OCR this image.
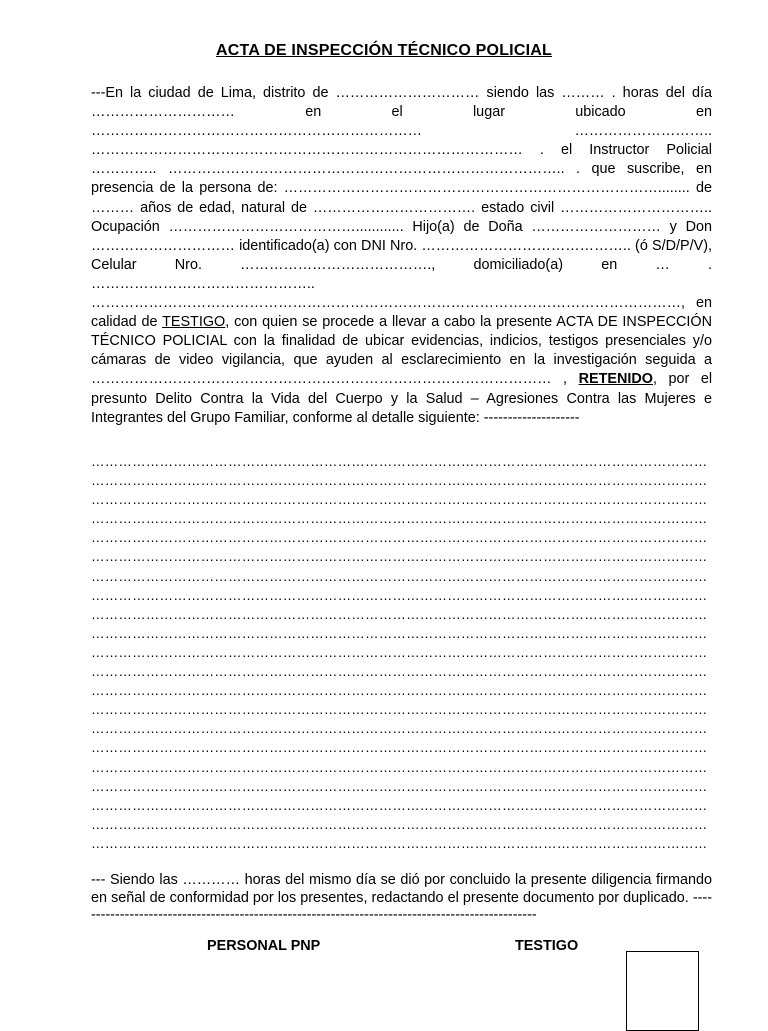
ACTA DE INSPECCIÓN TÉCNICO POLICIAL

---En la ciudad de Lima, distrito de ………………………… siendo las ……… . horas del día ………………………… en el lugar ubicado en …………………………………………………………… ……………………….. ……………………………………………………………………………… . el Instructor Policial ………….. ……………………………………………………………………….. . que suscribe, en presencia de la persona de: ……………………………………………………………………........ de ……… años de edad, natural de ……………………………. estado civil ………………………….. Ocupación …………………………………............ Hijo(a) de Doña ……………………… y Don ………………………… identificado(a) con DNI Nro. …………………………………….. (ó S/D/P/V), Celular Nro. …………………………………., domiciliado(a) en … . ………………………………………..

……………………………………………………………………………………………………………, en calidad de TESTIGO, con quien se procede a llevar a cabo la presente ACTA DE INSPECCIÓN TÉCNICO POLICIAL con la finalidad de ubicar evidencias, indicios, testigos presenciales y/o cámaras de video vigilancia, que ayuden al esclarecimiento en la investigación seguida a …………………………………………………………………………………… , RETENIDO, por el presunto Delito Contra la Vida del Cuerpo y la Salud – Agresiones Contra las Mujeres e Integrantes del Grupo Familiar, conforme al detalle siguiente: --------------------

………………………………………………………………………………………………………………………
………………………………………………………………………………………………………………………
………………………………………………………………………………………………………………………
………………………………………………………………………………………………………………………
………………………………………………………………………………………………………………………
………………………………………………………………………………………………………………………
………………………………………………………………………………………………………………………
………………………………………………………………………………………………………………………
………………………………………………………………………………………………………………………
………………………………………………………………………………………………………………………
………………………………………………………………………………………………………………………
………………………………………………………………………………………………………………………
………………………………………………………………………………………………………………………
………………………………………………………………………………………………………………………
………………………………………………………………………………………………………………………
………………………………………………………………………………………………………………………
………………………………………………………………………………………………………………………
………………………………………………………………………………………………………………………
………………………………………………………………………………………………………………………
………………………………………………………………………………………………………………………
………………………………………………………………………………………………………………………
--- Siendo las ………… horas del mismo día se dió por concluido la presente diligencia firmando en señal de conformidad por los presentes, redactando el presente documento por duplicado. -------------------------------------------------------------------------------------------------
PERSONAL PNP	TESTIGO
